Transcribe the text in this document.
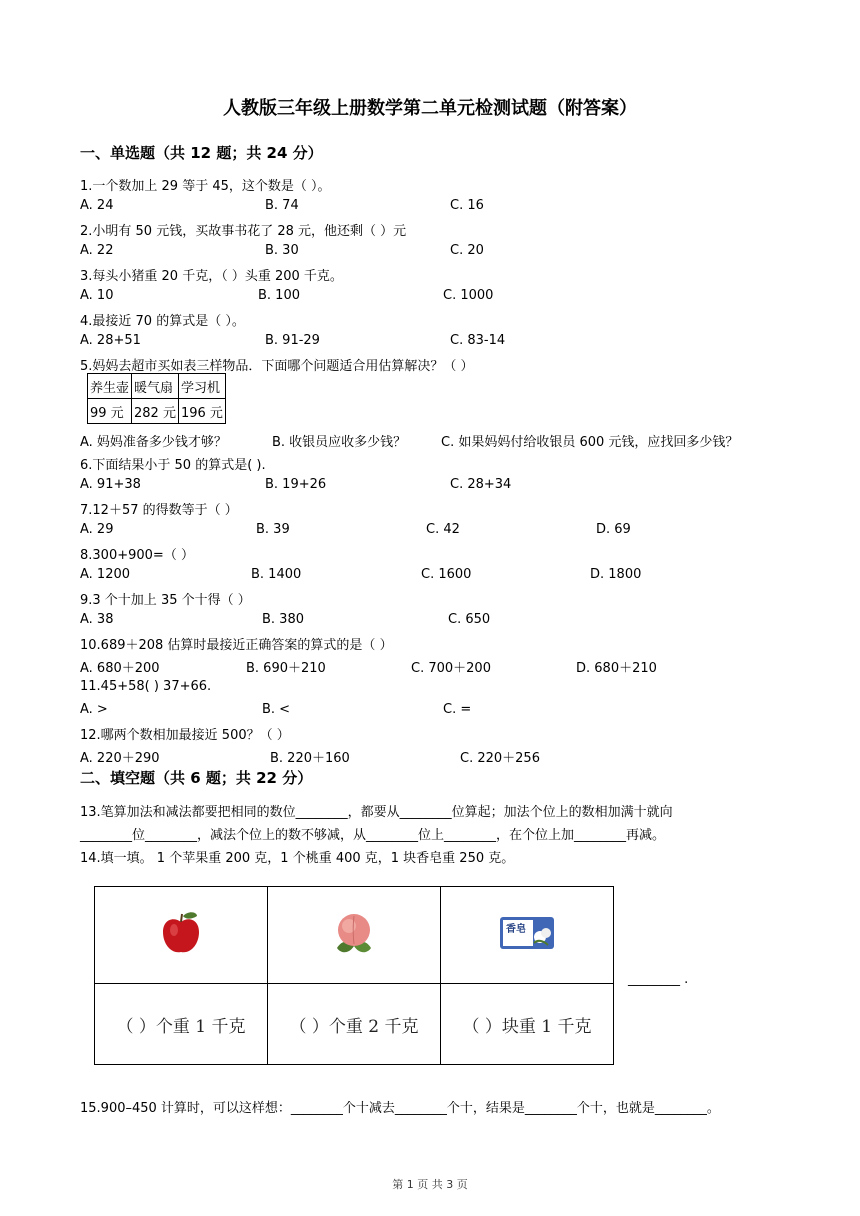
人教版三年级上册数学第二单元检测试题（附答案）
一、单选题（共 12 题；共 24 分）
1.一个数加上 29 等于 45，这个数是（ ）。
A. 24	B. 74	C. 16
2.小明有 50 元钱，买故事书花了 28 元，他还剩（ ）元
A. 22	B. 30	C. 20
3.每头小猪重 20 千克，（ ）头重 200 千克。
A. 10	B. 100	C. 1000
4.最接近 70 的算式是（ ）。
A. 28+51	B. 91-29	C. 83-14
5.妈妈去超市买如表三样物品．下面哪个问题适合用估算解决？（ ）
养生壶	暖气扇	学习机
99 元	282 元	196 元
A. 妈妈准备多少钱才够？	B. 收银员应收多少钱？	C. 如果妈妈付给收银员 600 元钱，应找回多少钱？
6.下面结果小于 50 的算式是( ).
A. 91+38	B. 19+26	C. 28+34
7.12＋57 的得数等于（ ）
A. 29	B. 39	C. 42	D. 69
8.300+900=（ ）
A. 1200	B. 1400	C. 1600	D. 1800
9.3 个十加上 35 个十得（ ）
A. 38	B. 380	C. 650
10.689＋208 估算时最接近正确答案的算式的是（ ）
A. 680＋200	B. 690＋210	C. 700＋200	D. 680＋210
11.45+58( ) 37+66.
A. >	B. <	C. =
12.哪两个数相加最接近 500？（ ）
A. 220＋290	B. 220＋160	C. 220＋256
二、填空题（共 6 题；共 22 分）
13.笔算加法和减法都要把相同的数位________，都要从________位算起；加法个位上的数相加满十就向
________位________，减法个位上的数不够减，从________位上________，在个位上加________再减。
14.填一填。 1 个苹果重 200 克，1 个桃重 400 克，1 块香皂重 250 克。

香皂

（ ）个重 1 千克	（ ）个重 2 千克	（ ）块重 1 千克
________ .
15.900–450 计算时，可以这样想：________个十减去________个十，结果是________个十，也就是________。
第 1 页 共 3 页
